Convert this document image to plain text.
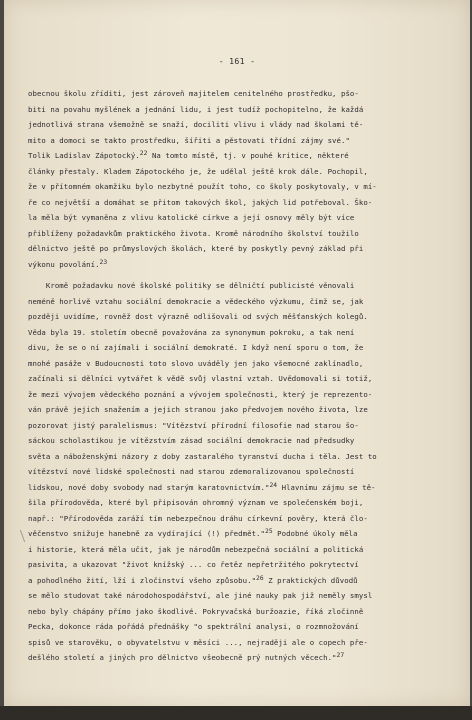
- 161 -
obecnou školu zříditi, jest zároveň majitelem cenitelného prostředku, pšo-
biti na povahu myšlének a jednání lidu, i jest tudíž pochopitelno, že každá
jednotlivá strana všemožně se snaží, dociliti vlivu i vlády nad školami tě-
mito a domoci se takto prostředku, šířiti a pěstovati třídní zájmy své."
Tolik Ladislav Zápotocký.22 Na tomto místě, tj. v pouhé kritice, některé
články přestaly. Kladem Zápotockého je, že udělal ještě krok dále. Pochopil,
že v přítomném okamžiku bylo nezbytné použít toho, co školy poskytovaly, v mí-
ře co největší a domáhat se přitom takových škol, jakých lid potřeboval. Ško-
la měla být vymaněna z vlivu katolické církve a její osnovy měly být více
přiblíženy požadavkům praktického života. Kromě národního školství toužilo
dělnictvo ještě po průmyslových školách, které by poskytly pevný základ při
výkonu povolání.23
Kromě požadavku nové školské politiky se dělničtí publicisté věnovali
neméně horlivě vztahu sociální demokracie a vědeckého výzkumu, čímž se, jak
později uvidíme, rovněž dost výrazně odlišovali od svých měšťanských kolegů.
Věda byla 19. stoletím obecně považována za synonymum pokroku, a tak není
divu, že se o ní zajímali i sociální demokraté. I když není sporu o tom, že
mnohé pasáže v Budoucnosti toto slovo uváděly jen jako všemocné zaklínadlo,
začínali si dělníci vytvářet k vědě svůj vlastní vztah. Uvědomovali si totiž,
že mezi vývojem vědeckého poznání a vývojem společnosti, který je reprezento-
ván právě jejich snažením a jejich stranou jako předvojem nového života, lze
pozorovat jistý paralelismus: "Vítězství přírodní filosofie nad starou šo-
sáckou scholastikou je vítězstvím zásad sociální demokracie nad předsudky
světa a náboženskými názory z doby zastaralého tyranství ducha i těla. Jest to
vítězství nové lidské společnosti nad starou zdemoralizovanou společností
lidskou, nové doby svobody nad starým karatovnictvím."24 Hlavnímu zájmu se tě-
šila přírodověda, které byl připisován ohromný význam ve společenském boji,
např.: "Přírodověda zaráží tím nebezpečnou dráhu církevní pověry, která člo-
věčenstvo snižuje hanebně za vydírající (!) předmět."25 Podobné úkoly měla
i historie, která měla učit, jak je národům nebezpečná sociální a politická
pasivita, a ukazovat "život knížský ... co řetěz nepřetržitého pokrytectví
a pohodlného žití, lží i zločinství všeho způsobu."26 Z praktických důvodů
se mělo studovat také národohospodářství, ale jiné nauky pak již neměly smysl
nebo byly chápány přímo jako škodlivé. Pokryvačská buržoazie, říká zločinně
Pecka, dokonce ráda pořádá přednášky "o spektrální analysi, o rozmnožování
spisů ve starověku, o obyvatelstvu v měsíci ..., nejraději ale o copech pře-
dešlého století a jiných pro dělnictvo všeobecně prý nutných věcech."27
